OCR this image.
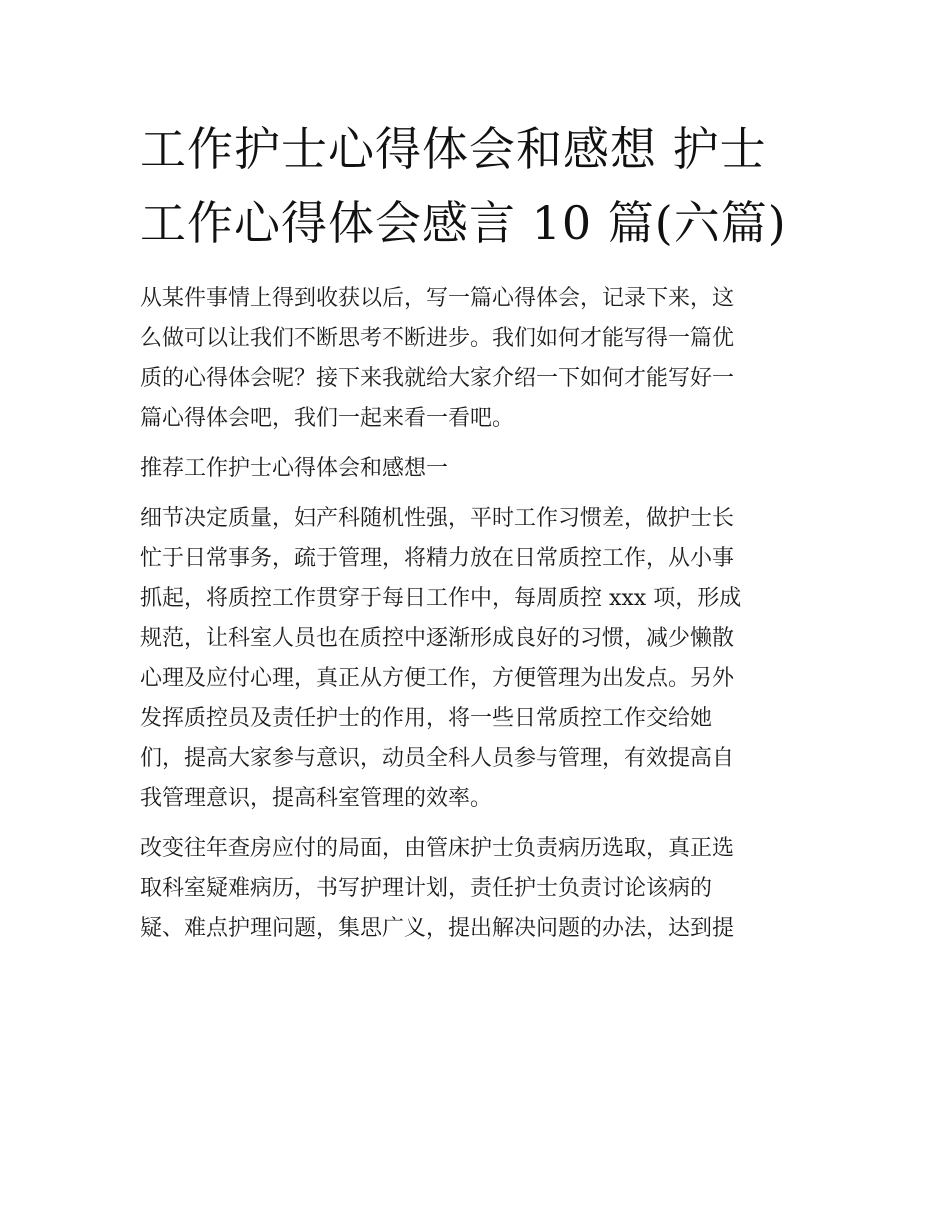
工作护士心得体会和感想 护士
工作心得体会感言 10 篇(六篇)

从某件事情上得到收获以后，写一篇心得体会，记录下来，这
么做可以让我们不断思考不断进步。我们如何才能写得一篇优
质的心得体会呢？接下来我就给大家介绍一下如何才能写好一
篇心得体会吧，我们一起来看一看吧。

推荐工作护士心得体会和感想一

细节决定质量，妇产科随机性强，平时工作习惯差，做护士长
忙于日常事务，疏于管理，将精力放在日常质控工作，从小事
抓起，将质控工作贯穿于每日工作中，每周质控 xxx 项，形成
规范，让科室人员也在质控中逐渐形成良好的习惯，减少懒散
心理及应付心理，真正从方便工作，方便管理为出发点。另外
发挥质控员及责任护士的作用，将一些日常质控工作交给她
们，提高大家参与意识，动员全科人员参与管理，有效提高自
我管理意识，提高科室管理的效率。

改变往年查房应付的局面，由管床护士负责病历选取，真正选
取科室疑难病历，书写护理计划，责任护士负责讨论该病的
疑、难点护理问题，集思广义，提出解决问题的办法，达到提
